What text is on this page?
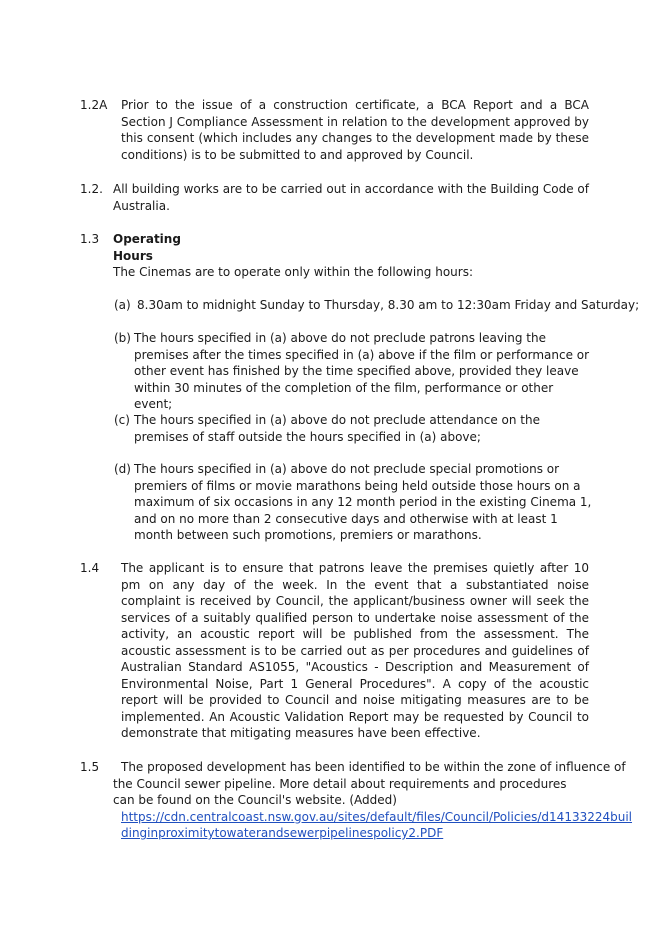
1.2A Prior to the issue of a construction certificate, a BCA Report and a BCA Section J Compliance Assessment in relation to the development approved by this consent (which includes any changes to the development made by these conditions) is to be submitted to and approved by Council.
1.2. All building works are to be carried out in accordance with the Building Code of Australia.
1.3 Operating Hours
The Cinemas are to operate only within the following hours:
(a) 8.30am to midnight Sunday to Thursday, 8.30 am to 12:30am Friday and Saturday;
(b) The hours specified in (a) above do not preclude patrons leaving the premises after the times specified in (a) above if the film or performance or other event has finished by the time specified above, provided they leave within 30 minutes of the completion of the film, performance or other event;
(c) The hours specified in (a) above do not preclude attendance on the premises of staff outside the hours specified in (a) above;
(d) The hours specified in (a) above do not preclude special promotions or premiers of films or movie marathons being held outside those hours on a maximum of six occasions in any 12 month period in the existing Cinema 1, and on no more than 2 consecutive days and otherwise with at least 1 month between such promotions, premiers or marathons.
1.4 The applicant is to ensure that patrons leave the premises quietly after 10 pm on any day of the week. In the event that a substantiated noise complaint is received by Council, the applicant/business owner will seek the services of a suitably qualified person to undertake noise assessment of the activity, an acoustic report will be published from the assessment. The acoustic assessment is to be carried out as per procedures and guidelines of Australian Standard AS1055, "Acoustics - Description and Measurement of Environmental Noise, Part 1 General Procedures". A copy of the acoustic report will be provided to Council and noise mitigating measures are to be implemented. An Acoustic Validation Report may be requested by Council to demonstrate that mitigating measures have been effective.
1.5 The proposed development has been identified to be within the zone of influence of
the Council sewer pipeline. More detail about requirements and procedures can be found on the Council's website. (Added)
https://cdn.centralcoast.nsw.gov.au/sites/default/files/Council/Policies/d14133224buil
dinginproximitytowaterandsewerpipelinespolicy2.PDF
